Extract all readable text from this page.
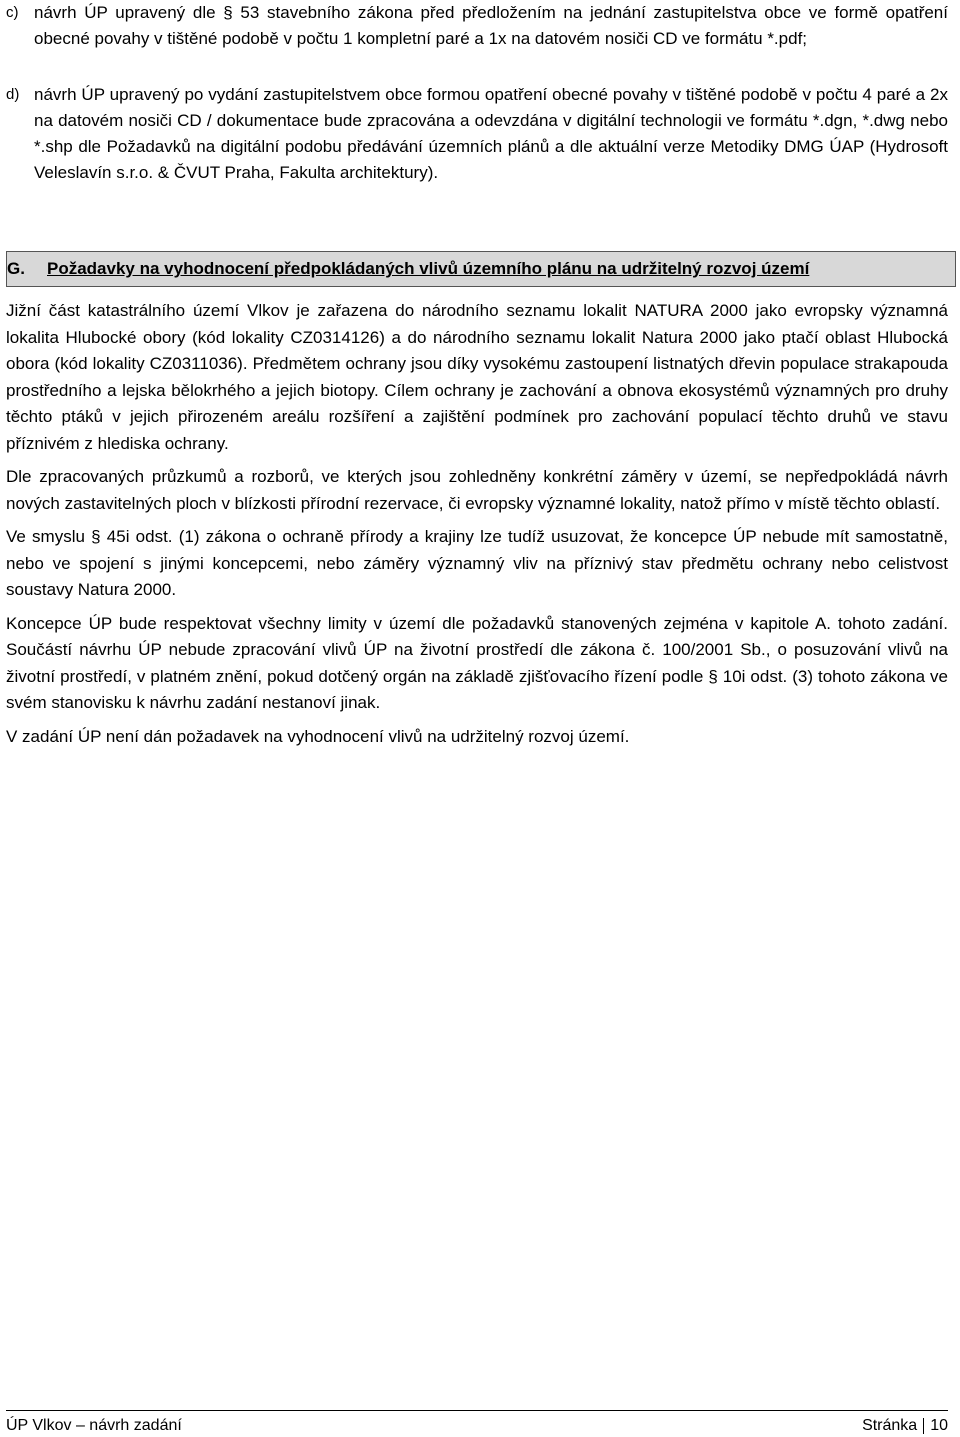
c) návrh ÚP upravený dle § 53 stavebního zákona před předložením na jednání zastupitelstva obce ve formě opatření obecné povahy v tištěné podobě v počtu 1 kompletní paré a 1x na datovém nosiči CD ve formátu *.pdf;
d) návrh ÚP upravený po vydání zastupitelstvem obce formou opatření obecné povahy v tištěné podobě v počtu 4 paré a 2x na datovém nosiči CD / dokumentace bude zpracována a odevzdána v digitální technologii ve formátu *.dgn, *.dwg nebo *.shp dle Požadavků na digitální podobu předávání územních plánů a dle aktuální verze Metodiky DMG ÚAP (Hydrosoft Veleslavín s.r.o. & ČVUT Praha, Fakulta architektury).
G. Požadavky na vyhodnocení předpokládaných vlivů územního plánu na udržitelný rozvoj území

Jižní část katastrálního území Vlkov je zařazena do národního seznamu lokalit NATURA 2000 jako evropsky významná lokalita Hlubocké obory (kód lokality CZ0314126) a do národního seznamu lokalit Natura 2000 jako ptačí oblast Hlubocká obora (kód lokality CZ0311036). Předmětem ochrany jsou díky vysokému zastoupení listnatých dřevin populace strakapouda prostředního a lejska bělokrhého a jejich biotopy. Cílem ochrany je zachování a obnova ekosystémů významných pro druhy těchto ptáků v jejich přirozeném areálu rozšíření a zajištění podmínek pro zachování populací těchto druhů ve stavu příznivém z hlediska ochrany.

Dle zpracovaných průzkumů a rozborů, ve kterých jsou zohledněny konkrétní záměry v území, se nepředpokládá návrh nových zastavitelných ploch v blízkosti přírodní rezervace, či evropsky významné lokality, natož přímo v místě těchto oblastí.

Ve smyslu § 45i odst. (1) zákona o ochraně přírody a krajiny lze tudíž usuzovat, že koncepce ÚP nebude mít samostatně, nebo ve spojení s jinými koncepcemi, nebo záměry významný vliv na příznivý stav předmětu ochrany nebo celistvost soustavy Natura 2000.

Koncepce ÚP bude respektovat všechny limity v území dle požadavků stanovených zejména v kapitole A. tohoto zadání. Součástí návrhu ÚP nebude zpracování vlivů ÚP na životní prostředí dle zákona č. 100/2001 Sb., o posuzování vlivů na životní prostředí, v platném znění, pokud dotčený orgán na základě zjišťovacího řízení podle § 10i odst. (3) tohoto zákona ve svém stanovisku k návrhu zadání nestanoví jinak.

V zadání ÚP není dán požadavek na vyhodnocení vlivů na udržitelný rozvoj území.

ÚP Vlkov – návrh zadání	Stránka 10
